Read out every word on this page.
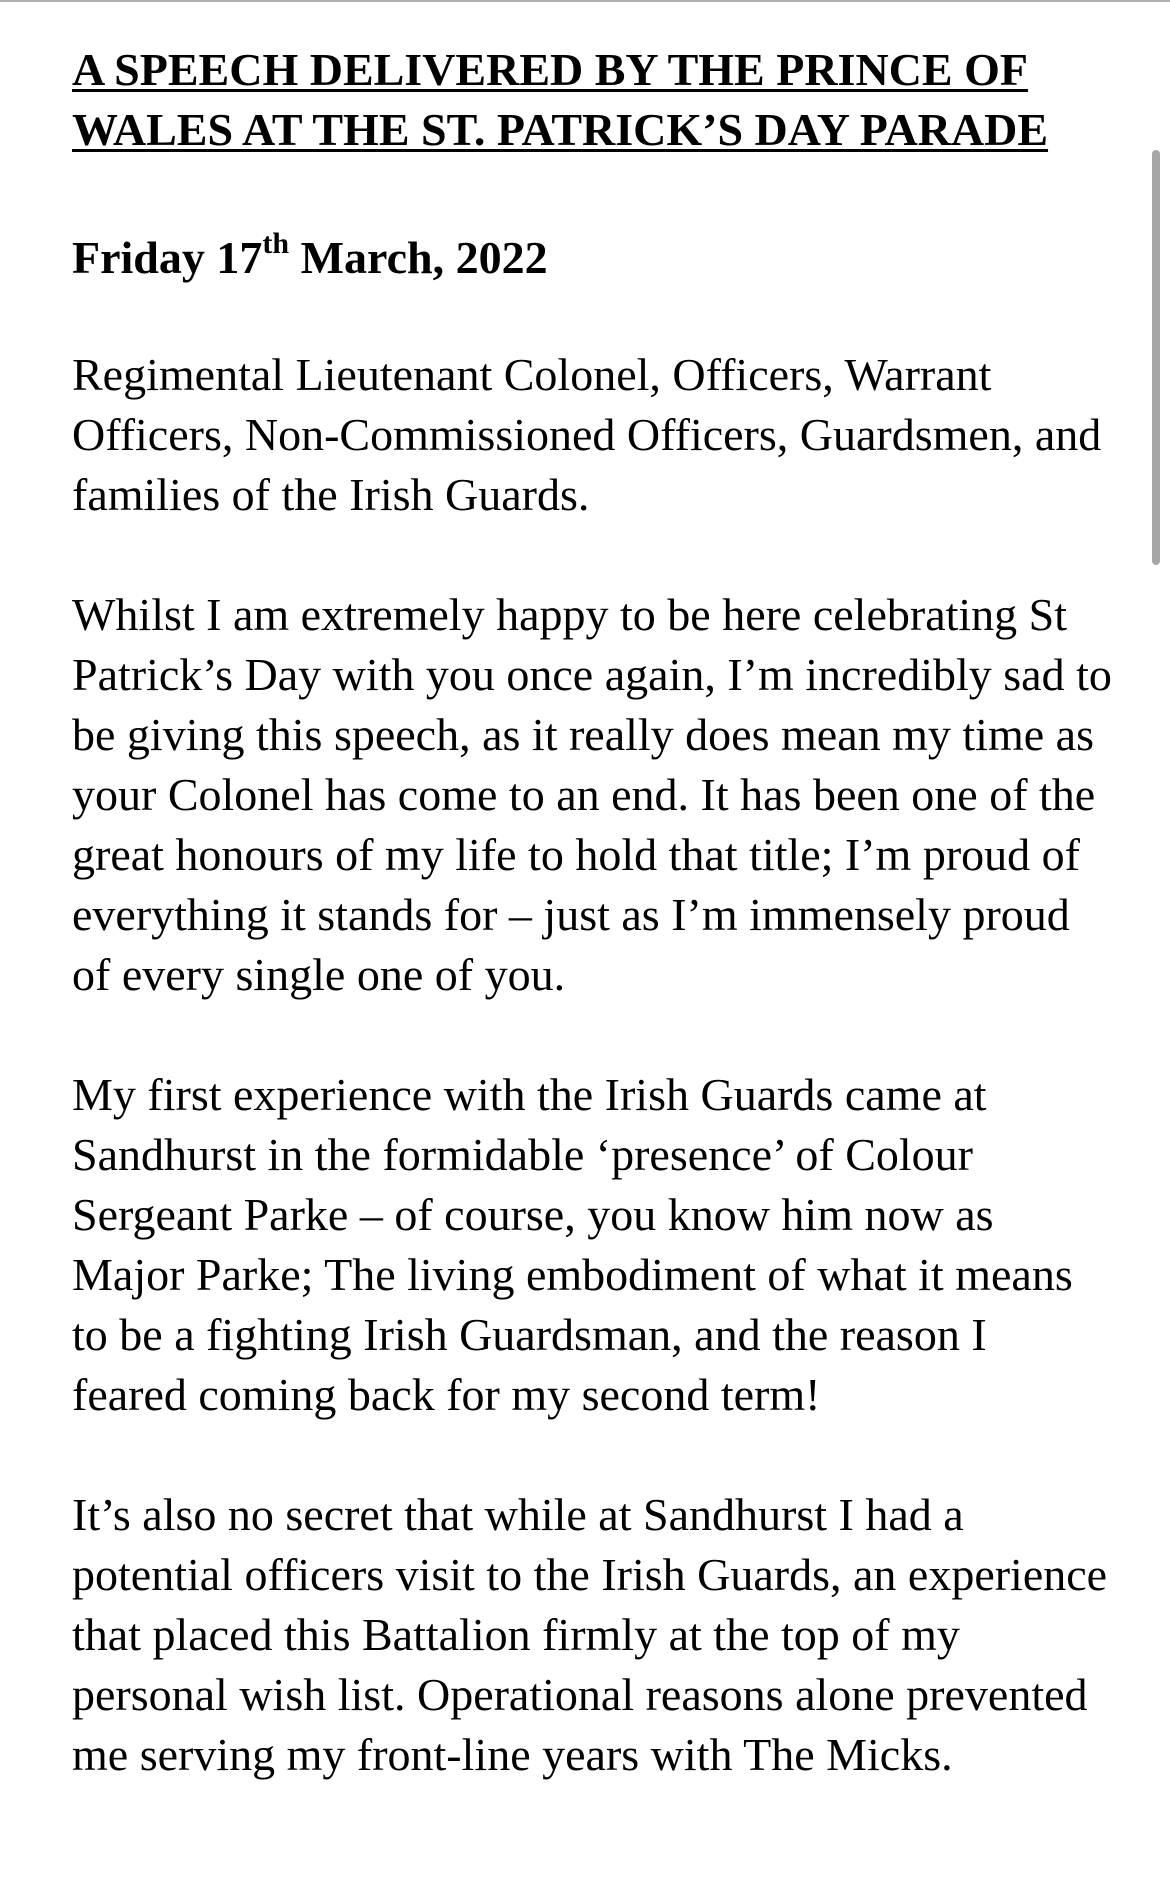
A SPEECH DELIVERED BY THE PRINCE OF WALES AT THE ST. PATRICK’S DAY PARADE
Friday 17th March, 2022

Regimental Lieutenant Colonel, Officers, Warrant Officers, Non-Commissioned Officers, Guardsmen, and families of the Irish Guards.

Whilst I am extremely happy to be here celebrating St Patrick’s Day with you once again, I’m incredibly sad to be giving this speech, as it really does mean my time as your Colonel has come to an end. It has been one of the great honours of my life to hold that title; I’m proud of everything it stands for – just as I’m immensely proud of every single one of you.

My first experience with the Irish Guards came at Sandhurst in the formidable ‘presence’ of Colour Sergeant Parke – of course, you know him now as Major Parke; The living embodiment of what it means to be a fighting Irish Guardsman, and the reason I feared coming back for my second term!

It’s also no secret that while at Sandhurst I had a potential officers visit to the Irish Guards, an experience that placed this Battalion firmly at the top of my personal wish list. Operational reasons alone prevented me serving my front-line years with The Micks.
